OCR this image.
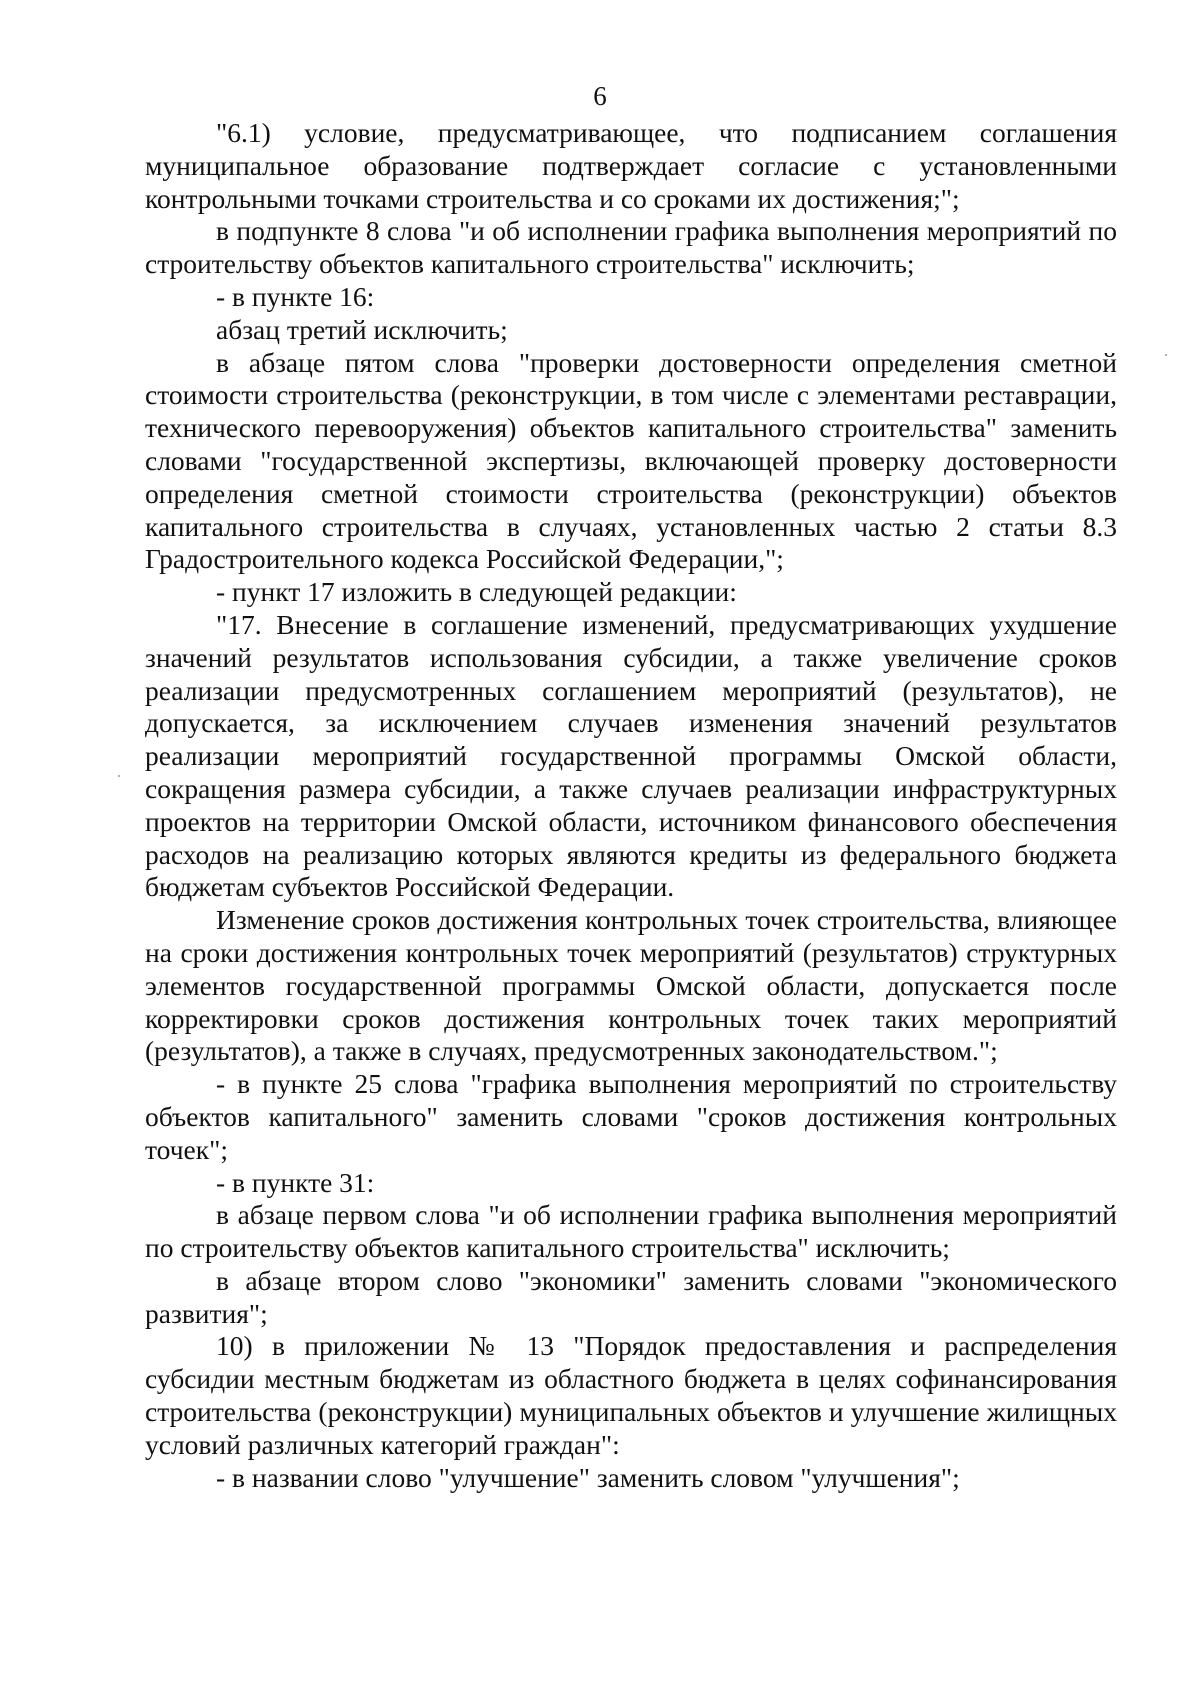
6

"6.1) условие, предусматривающее, что подписанием соглашения муниципальное образование подтверждает согласие с установленными контрольными точками строительства и со сроками их достижения;";

в подпункте 8 слова "и об исполнении графика выполнения мероприятий по строительству объектов капитального строительства" исключить;

- в пункте 16:

абзац третий исключить;

в абзаце пятом слова "проверки достоверности определения сметной стоимости строительства (реконструкции, в том числе с элементами реставрации, технического перевооружения) объектов капитального строительства" заменить словами "государственной экспертизы, включающей проверку достоверности определения сметной стоимости строительства (реконструкции) объектов капитального строительства в случаях, установленных частью 2 статьи 8.3 Градостроительного кодекса Российской Федерации,";

- пункт 17 изложить в следующей редакции:

"17. Внесение в соглашение изменений, предусматривающих ухудшение значений результатов использования субсидии, а также увеличение сроков реализации предусмотренных соглашением мероприятий (результатов), не допускается, за исключением случаев изменения значений результатов реализации мероприятий государственной программы Омской области, сокращения размера субсидии, а также случаев реализации инфраструктурных проектов на территории Омской области, источником финансового обеспечения расходов на реализацию которых являются кредиты из федерального бюджета бюджетам субъектов Российской Федерации.

Изменение сроков достижения контрольных точек строительства, влияющее на сроки достижения контрольных точек мероприятий (результатов) структурных элементов государственной программы Омской области, допускается после корректировки сроков достижения контрольных точек таких мероприятий (результатов), а также в случаях, предусмотренных законодательством.";

- в пункте 25 слова "графика выполнения мероприятий по строительству объектов капитального" заменить словами "сроков достижения контрольных точек";

- в пункте 31:

в абзаце первом слова "и об исполнении графика выполнения мероприятий по строительству объектов капитального строительства" исключить;

в абзаце втором слово "экономики" заменить словами "экономического развития";

10) в приложении № 13 "Порядок предоставления и распределения субсидии местным бюджетам из областного бюджета в целях софинансирования строительства (реконструкции) муниципальных объектов и улучшение жилищных условий различных категорий граждан":

- в названии слово "улучшение" заменить словом "улучшения";
